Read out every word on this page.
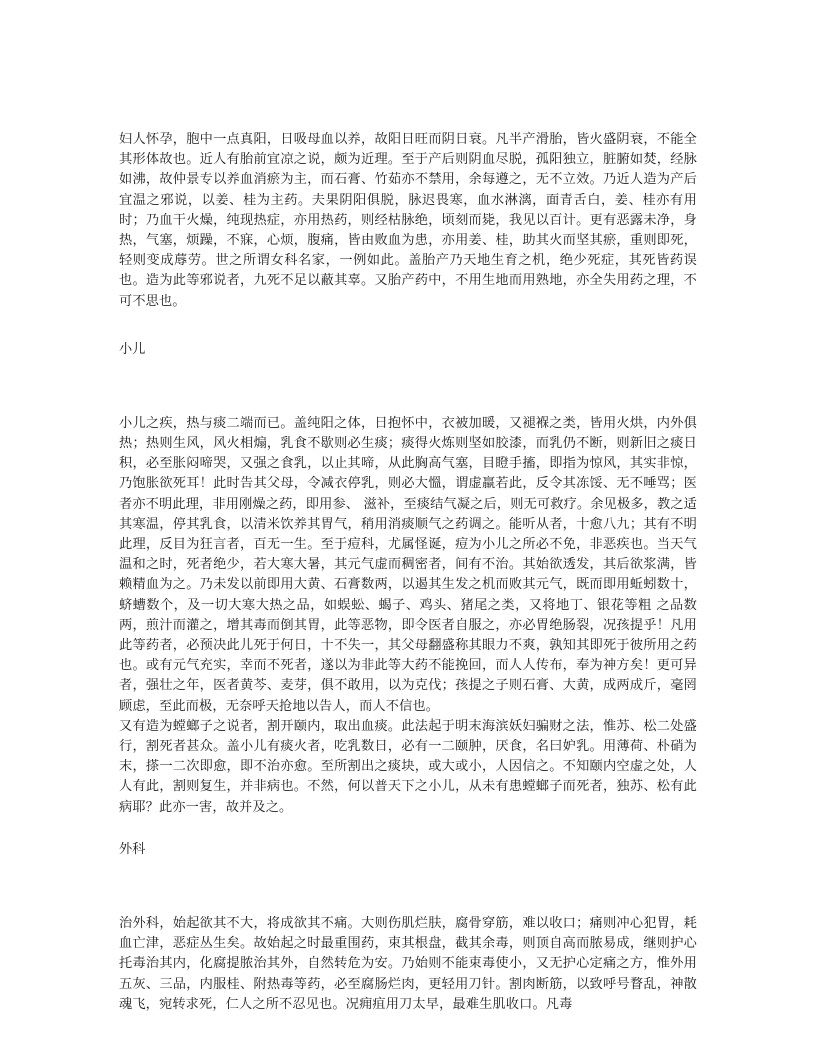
妇人怀孕，胞中一点真阳，日吸母血以养，故阳日旺而阴日衰。凡半产滑胎，皆火盛阴衰，不能全其形体故也。近人有胎前宜凉之说，颇为近理。至于产后则阴血尽脱，孤阳独立，脏腑如焚，经脉如沸，故仲景专以养血消瘀为主，而石膏、竹茹亦不禁用，余每遵之，无不立效。乃近人造为产后宜温之邪说，以姜、桂为主药。夫果阴阳俱脱，脉迟畏寒，血水淋漓，面青舌白，姜、桂亦有用时；乃血干火燥，纯现热症，亦用热药，则经枯脉绝，顷刻而毙，我见以百计。更有恶露未净，身热，气塞，烦躁，不寐，心烦，腹痛，皆由败血为患，亦用姜、桂，助其火而坚其瘀，重则即死，轻则变成蓐劳。世之所谓女科名家，一例如此。盖胎产乃天地生育之机，绝少死症，其死皆药误也。造为此等邪说者，九死不足以蔽其辜。又胎产药中，不用生地而用熟地，亦全失用药之理，不可不思也。

小儿

小儿之疾，热与痰二端而已。盖纯阳之体，日抱怀中，衣被加暖，又褪褓之类，皆用火烘，内外俱热；热则生风，风火相煽，乳食不歇则必生痰；痰得火炼则坚如胶漆，而乳仍不断，则新旧之痰日积，必至胀闷啼哭，又强之食乳，以止其啼，从此胸高气塞，目瞪手搐，即指为惊风，其实非惊，乃饱胀欲死耳！此时告其父母，令减衣停乳，则必大慍，谓虚羸若此，反令其冻馁、无不唾骂；医者亦不明此理，非用刚燥之药，即用参、 滋补，至痰结气凝之后，则无可救疗。余见极多，教之适其寒温，停其乳食，以清米饮养其胃气，稍用消痰顺气之药调之。能听从者，十愈八九；其有不明此理，反目为狂言者，百无一生。至于痘科，尤属怪诞，痘为小儿之所必不免，非恶疾也。当天气温和之时，死者绝少，若大寒大暑，其元气虚而稠密者，间有不治。其始欲透发，其后欲浆满，皆赖精血为之。乃未发以前即用大黄、石膏数两，以遏其生发之机而败其元气，既而即用蚯蚓数十，蛴螬数个，及一切大寒大热之品，如蜈蚣、蝎子、鸡头、猪尾之类，又将地丁、银花等粗 之品数两，煎汁而灌之，增其毒而倒其胃，此等恶物，即令医者自服之，亦必胃绝肠裂，况孩提乎！凡用此等药者，必预决此儿死于何日，十不失一，其父母翻盛称其眼力不爽，孰知其即死于彼所用之药也。或有元气充实，幸而不死者，遂以为非此等大药不能挽回，而人人传布，奉为神方矣！更可异者，强壮之年，医者黄芩、麦芽，俱不敢用，以为克伐；孩提之子则石膏、大黄，成两成斤，毫罔顾虑，至此而极，无奈呼天抢地以告人，而人不信也。

又有造为螳螂子之说者，割开颐内，取出血痰。此法起于明末海滨妖妇骗财之法，惟苏、松二处盛行，割死者甚众。盖小儿有痰火者，吃乳数日，必有一二颐肿，厌食，名曰妒乳。用薄荷、朴硝为末，搽一二次即愈，即不治亦愈。至所割出之痰块，或大或小，人因信之。不知颐内空虚之处，人人有此，割则复生，并非病也。不然，何以普天下之小儿，从未有患螳螂子而死者，独苏、松有此病耶？此亦一害，故并及之。

外科

治外科，始起欲其不大，将成欲其不痛。大则伤肌烂肤，腐骨穿筋，难以收口；痛则冲心犯胃，耗血亡津，恶症丛生矣。故始起之时最重围药，束其根盘，截其余毒，则顶自高而脓易成，继则护心托毒治其内，化腐提脓治其外，自然转危为安。乃始则不能束毒使小，又无护心定痛之方，惟外用五灰、三品，内服桂、附热毒等药，必至腐肠烂肉，更轻用刀针。割肉断筋，以致呼号瞀乱，神散魂飞，宛转求死，仁人之所不忍见也。况痈疽用刀太早，最难生肌收口。凡毒
